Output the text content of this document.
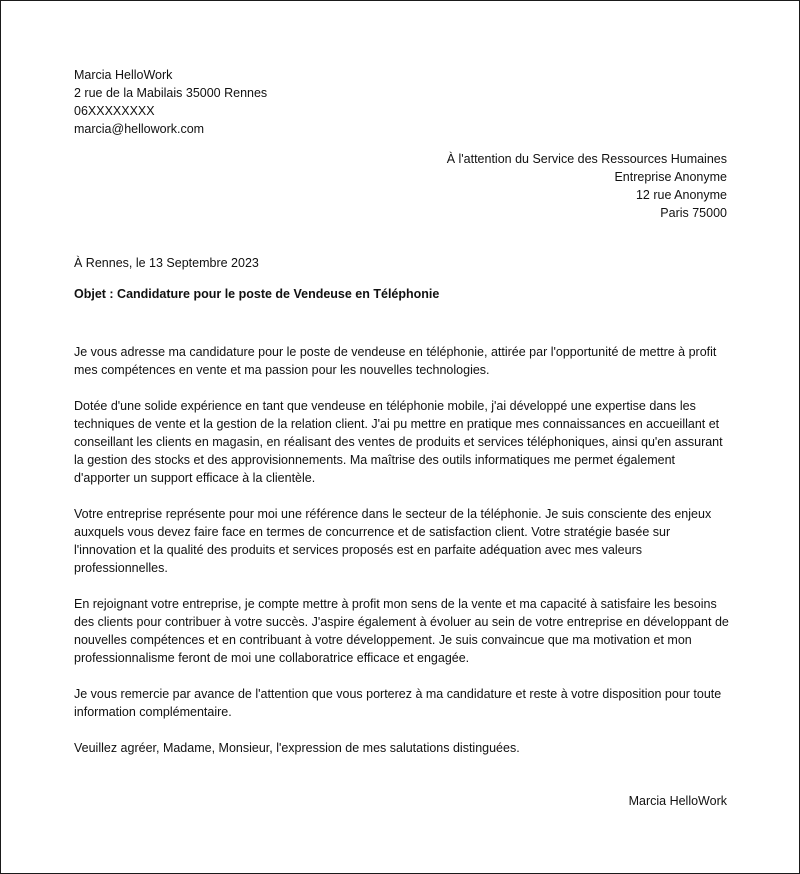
Marcia HelloWork
2 rue de la Mabilais 35000 Rennes
06XXXXXXXX
marcia@hellowork.com
À l'attention du Service des Ressources Humaines
Entreprise Anonyme
12 rue Anonyme
Paris 75000
À Rennes, le 13 Septembre 2023
Objet : Candidature pour le poste de Vendeuse en Téléphonie

Je vous adresse ma candidature pour le poste de vendeuse en téléphonie, attirée par l'opportunité de mettre à profit mes compétences en vente et ma passion pour les nouvelles technologies.

Dotée d'une solide expérience en tant que vendeuse en téléphonie mobile, j'ai développé une expertise dans les techniques de vente et la gestion de la relation client. J'ai pu mettre en pratique mes connaissances en accueillant et conseillant les clients en magasin, en réalisant des ventes de produits et services téléphoniques, ainsi qu'en assurant la gestion des stocks et des approvisionnements. Ma maîtrise des outils informatiques me permet également d'apporter un support efficace à la clientèle.

Votre entreprise représente pour moi une référence dans le secteur de la téléphonie. Je suis consciente des enjeux auxquels vous devez faire face en termes de concurrence et de satisfaction client. Votre stratégie basée sur l'innovation et la qualité des produits et services proposés est en parfaite adéquation avec mes valeurs professionnelles.

En rejoignant votre entreprise, je compte mettre à profit mon sens de la vente et ma capacité à satisfaire les besoins des clients pour contribuer à votre succès. J'aspire également à évoluer au sein de votre entreprise en développant de nouvelles compétences et en contribuant à votre développement. Je suis convaincue que ma motivation et mon professionnalisme feront de moi une collaboratrice efficace et engagée.

Je vous remercie par avance de l'attention que vous porterez à ma candidature et reste à votre disposition pour toute information complémentaire.

Veuillez agréer, Madame, Monsieur, l'expression de mes salutations distinguées.

Marcia HelloWork
